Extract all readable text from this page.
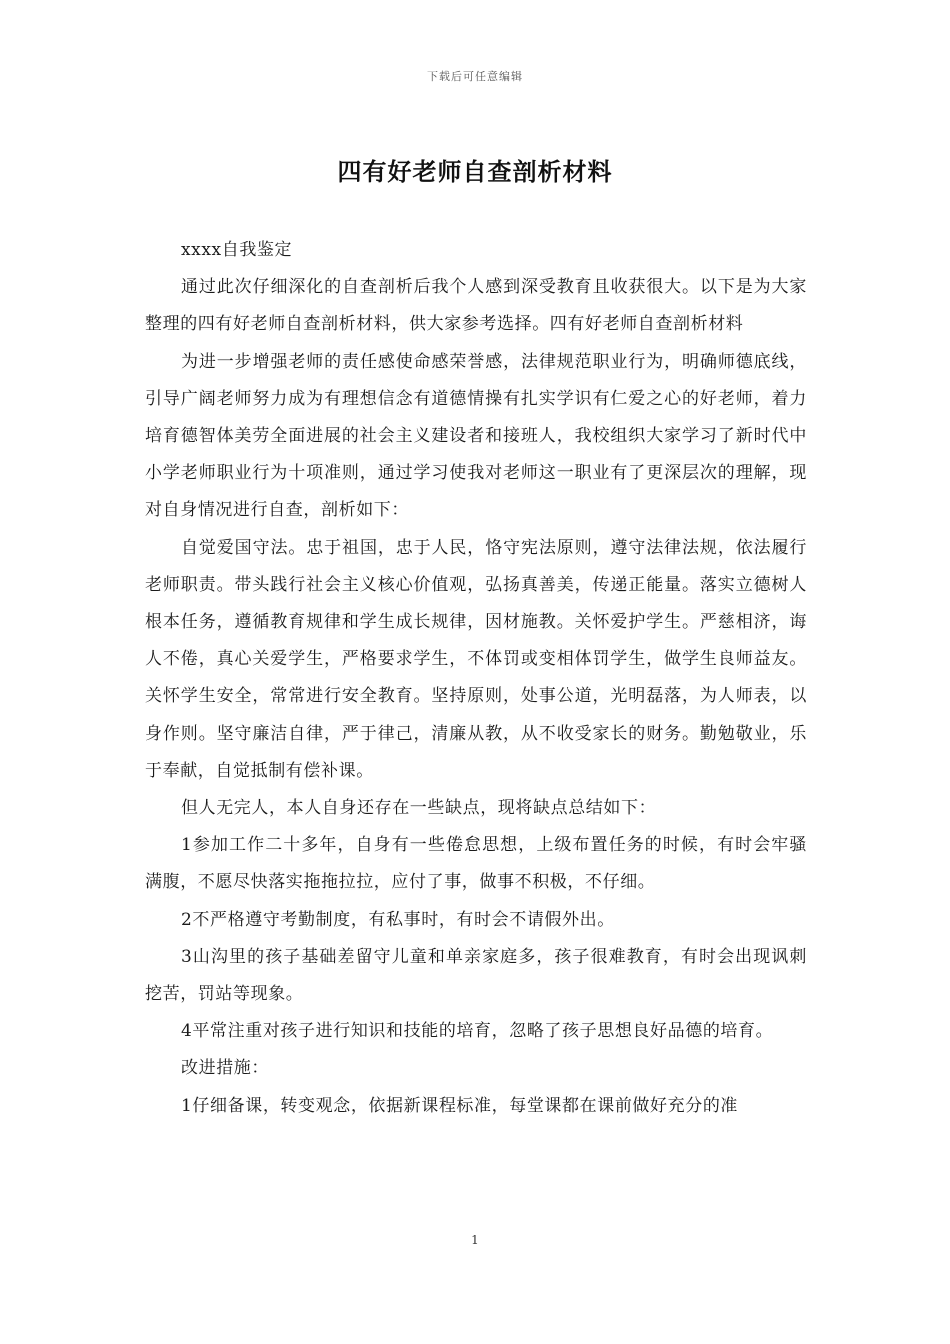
下载后可任意编辑
四有好老师自查剖析材料

xxxx自我鉴定

通过此次仔细深化的自查剖析后我个人感到深受教育且收获很大。以下是为大家整理的四有好老师自查剖析材料，供大家参考选择。四有好老师自查剖析材料

为进一步增强老师的责任感使命感荣誉感，法律规范职业行为，明确师德底线，引导广阔老师努力成为有理想信念有道德情操有扎实学识有仁爱之心的好老师，着力培育德智体美劳全面进展的社会主义建设者和接班人，我校组织大家学习了新时代中小学老师职业行为十项准则，通过学习使我对老师这一职业有了更深层次的理解，现对自身情况进行自查，剖析如下：

自觉爱国守法。忠于祖国，忠于人民，恪守宪法原则，遵守法律法规，依法履行老师职责。带头践行社会主义核心价值观，弘扬真善美，传递正能量。落实立德树人根本任务，遵循教育规律和学生成长规律，因材施教。关怀爱护学生。严慈相济，诲人不倦，真心关爱学生，严格要求学生，不体罚或变相体罚学生，做学生良师益友。关怀学生安全，常常进行安全教育。坚持原则，处事公道，光明磊落，为人师表，以身作则。坚守廉洁自律，严于律己，清廉从教，从不收受家长的财务。勤勉敬业，乐于奉献，自觉抵制有偿补课。

但人无完人，本人自身还存在一些缺点，现将缺点总结如下：

1参加工作二十多年，自身有一些倦怠思想，上级布置任务的时候，有时会牢骚满腹，不愿尽快落实拖拖拉拉，应付了事，做事不积极，不仔细。

2不严格遵守考勤制度，有私事时，有时会不请假外出。

3山沟里的孩子基础差留守儿童和单亲家庭多，孩子很难教育，有时会出现讽刺挖苦，罚站等现象。

4平常注重对孩子进行知识和技能的培育，忽略了孩子思想良好品德的培育。

改进措施：

1仔细备课，转变观念，依据新课程标准，每堂课都在课前做好充分的准

1
